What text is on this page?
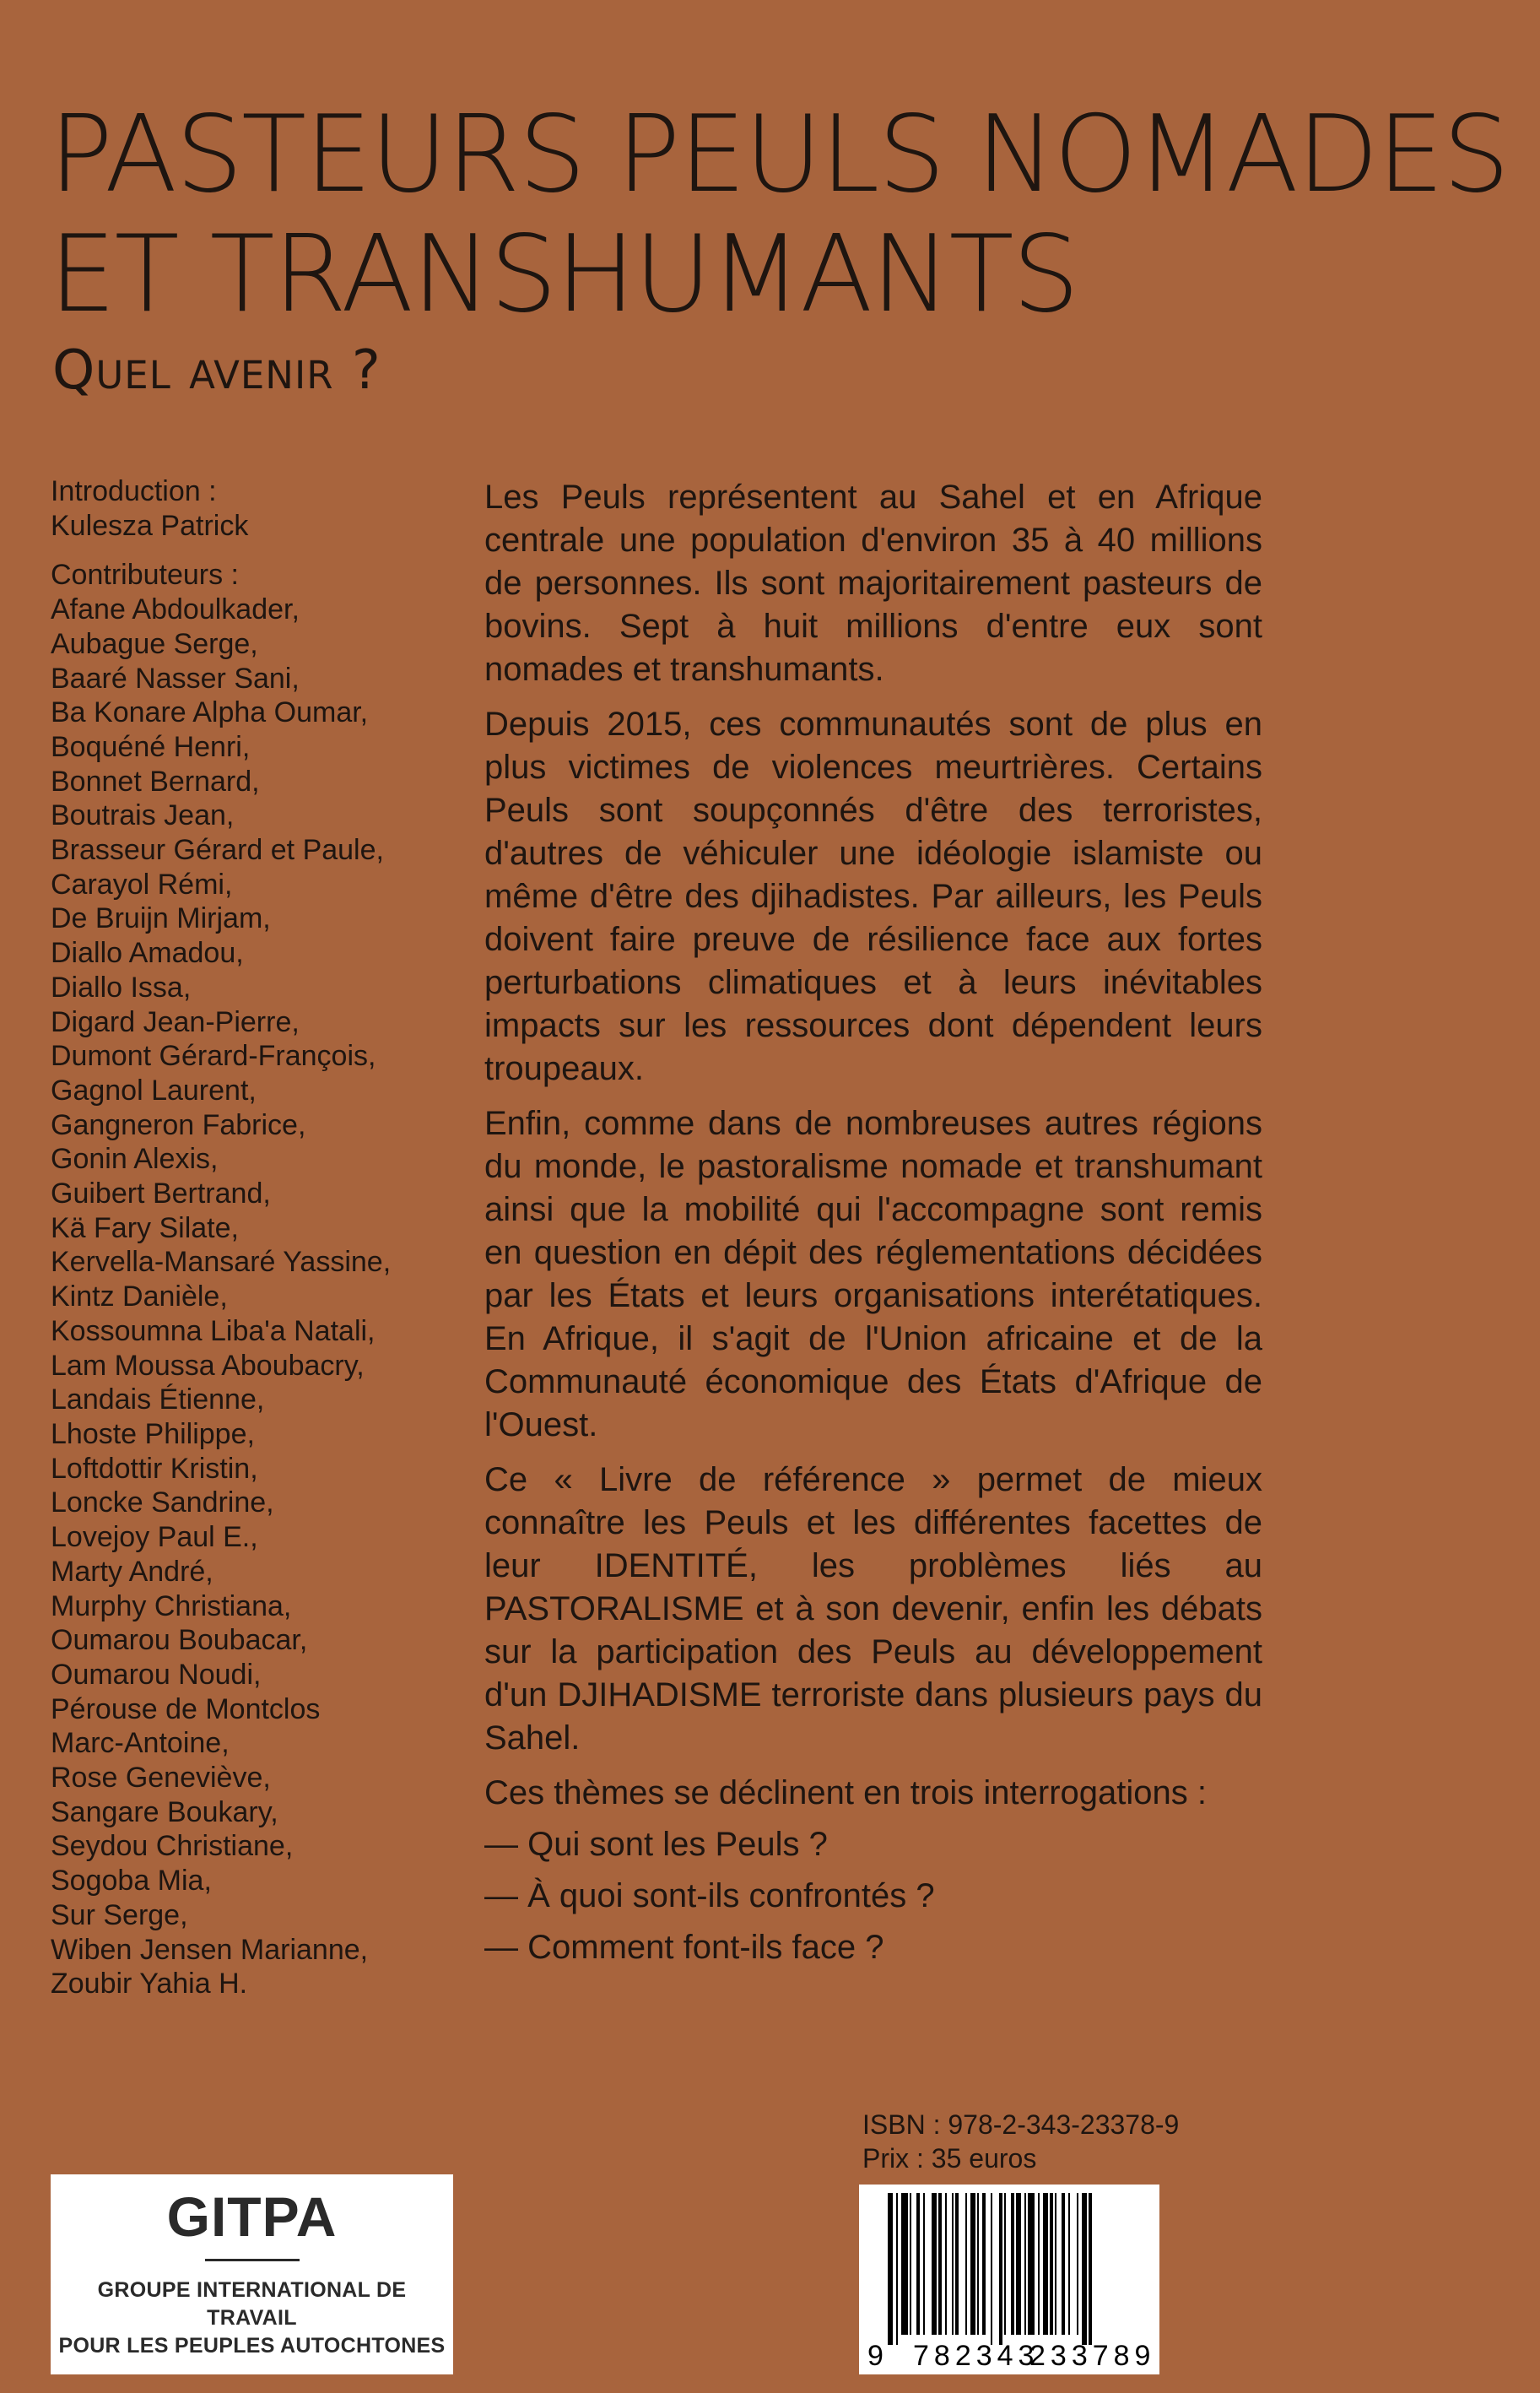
PASTEURS PEULS NOMADES
ET TRANSHUMANTS
Quel avenir ?
Introduction :
Kulesza Patrick
Contributeurs :
Afane Abdoulkader,
Aubague Serge,
Baaré Nasser Sani,
Ba Konare Alpha Oumar,
Boquéné Henri,
Bonnet Bernard,
Boutrais Jean,
Brasseur Gérard et Paule,
Carayol Rémi,
De Bruijn Mirjam,
Diallo Amadou,
Diallo Issa,
Digard Jean-Pierre,
Dumont Gérard-François,
Gagnol Laurent,
Gangneron Fabrice,
Gonin Alexis,
Guibert Bertrand,
Kä Fary Silate,
Kervella-Mansaré Yassine,
Kintz Danièle,
Kossoumna Liba'a Natali,
Lam Moussa Aboubacry,
Landais Étienne,
Lhoste Philippe,
Loftdottir Kristin,
Loncke Sandrine,
Lovejoy Paul E.,
Marty André,
Murphy Christiana,
Oumarou Boubacar,
Oumarou Noudi,
Pérouse de Montclos
Marc-Antoine,
Rose Geneviève,
Sangare Boukary,
Seydou Christiane,
Sogoba Mia,
Sur Serge,
Wiben Jensen Marianne,
Zoubir Yahia H.

Les Peuls représentent au Sahel et en Afrique centrale une population d'environ 35 à 40 millions de personnes. Ils sont majoritairement pasteurs de bovins. Sept à huit millions d'entre eux sont nomades et transhumants.

Depuis 2015, ces communautés sont de plus en plus victimes de violences meurtrières. Certains Peuls sont soupçonnés d'être des terroristes, d'autres de véhiculer une idéologie islamiste ou même d'être des djihadistes. Par ailleurs, les Peuls doivent faire preuve de résilience face aux fortes perturbations climatiques et à leurs inévitables impacts sur les ressources dont dépendent leurs troupeaux.

Enfin, comme dans de nombreuses autres régions du monde, le pastoralisme nomade et transhumant ainsi que la mobilité qui l'accompagne sont remis en question en dépit des réglementations décidées par les États et leurs organisations interétatiques. En Afrique, il s'agit de l'Union africaine et de la Communauté économique des États d'Afrique de l'Ouest.

Ce « Livre de référence » permet de mieux connaître les Peuls et les différentes facettes de leur IDENTITÉ, les problèmes liés au PASTORALISME et à son devenir, enfin les débats sur la participation des Peuls au développement d'un DJIHADISME terroriste dans plusieurs pays du Sahel.

Ces thèmes se déclinent en trois interrogations :
— Qui sont les Peuls ?
— À quoi sont-ils confrontés ?
— Comment font-ils face ?
ISBN : 978-2-343-23378-9
Prix : 35 euros
9 782343
233789
GITPA
GROUPE INTERNATIONAL DE TRAVAIL
POUR LES PEUPLES AUTOCHTONES
